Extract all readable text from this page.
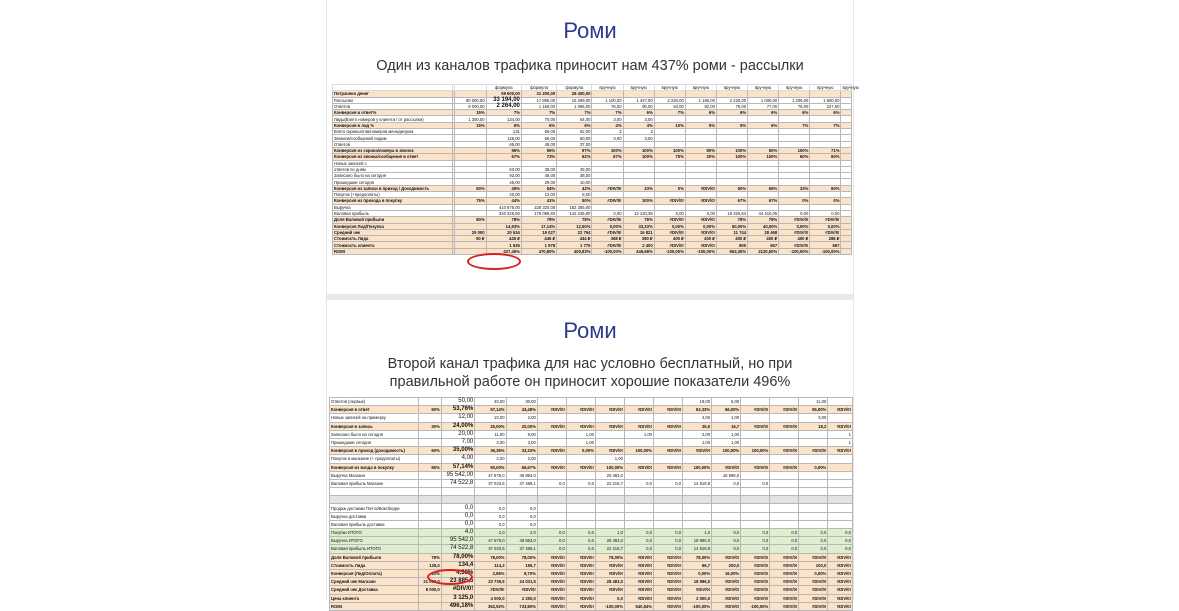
Роми
Один из каналов трафика приносит нам 437% роми - рассылки
			формула	формула	формула	вручную	вручную	вручную	вручную	вручную	вручную	вручную	вручную	вручную
Потрачено денег			59 600,00	31 200,00	28 400,00									
Рассылки		60 000,00	33 194,00	17 895,00	15 299,00	1 100,00	1 447,00	2 220,00	1 180,00	2 220,00	1 000,00	1 206,00	1 600,00	
Ответов		9 000,00	2 264,00	1 169,00	1 095,00	76,00	90,00	84,00	82,00	75,00	77,00	75,00	227,00	
Конверсия в ответ%		15%	7%	7%	7%	7%	6%	7%	6%	6%	6%	6%	6%	
Лиды(Взято номеров у клиента / от рассылки)		1 350,00	134,00	70,00	64,00	3,00	3,00							
Конверсия в лид %		15%	6%	6%	6%	4%	4%	10%	5%	5%	6%	7%	7%	
Взято скриншотов/номеров менеджером			131	69,00	62,00	3	3							
Звонков/сообщений лидам			126,00	66,00	60,00	3,00	3,00							
Ответов			65,00	48,00	37,00									
Конверсия из скрина/номера в звонок			96%	96%	97%	100%	100%	100%	80%	100%	50%	100%	71%	
Конверсия из звонка/сообщения в ответ			67%	73%	62%	67%	100%	75%	20%	100%	100%	60%	60%	
Новых записей с														
ответов по дням			63,00	38,00	25,00									
Записано было на сегодня			92,00	48,00	38,00									
Пришедшие сегодня			45,00	29,00	10,00									
Конверсия из записи в приход / Доходимость		60%	49%	54%	42%	#DIV/0!	33%	0%	#DIV/0!	60%	66%	33%	60%	
Покупок (+предоплаты)			20,00	12,00	8,00									
Конверсия из прихода в покупку		75%	44%	41%	50%	#DIV/0!	100%	#DIV/0!	#DIV/0!	67%	67%	0%	0%	
Выручка			410 675,00	228 320,00	182 355,00									
Валовая прибыль			320 326,50	178 089,60	142 236,90	0,00	13 120,38	0,00	0,00	18 320,64	44 410,05	0,00	0,00	
Доля Валовой прибыли		80%	78%	78%	78%	#DIV/0!	78%	#DIV/0!	#DIV/0!	78%	78%	#DIV/0!	#DIV/0!	
Конверсия Лид/Покупка			14,93%	17,14%	12,50%	0,00%	33,33%	0,00%	0,00%	50,00%	40,00%	0,00%	0,00%	
Средний чек		25 000	20 534	19 027	22 794	#DIV/0!	16 821	#DIV/0!	#DIV/0!	11 744	28 468	#DIV/0!	#DIV/0!	
Стоимость Лида		50 ₽	445 ₽	446 ₽	444 ₽	368 ₽	380 ₽	400 ₽	400 ₽	400 ₽	400 ₽	400 ₽	286 ₽	
Стоимость клиента			1 526	1 978	1 775	#DIV/0!	2 400	#DIV/0!	#DIV/0!	800	667	#DIV/0!	667	
ROMI			437,46%	470,80%	400,83%	-100,00%	446,68%	-100,00%	-100,00%	663,36%	2120,50%	-100,00%	-100,00%	
Роми
Второй канал трафика для нас условно бесплатный, но при
правильной работе он приносит хорошие показатели 496%
Ответов (первых)		50,00	40,00	30,00						19,00	6,00			11,00	
Конверсия в ответ	60%	53,76%	57,14%	43,48%	#DIV/0!	#DIV/0!	#DIV/0!	#DIV/0!	#DIV/0!	53,33%	66,00%	#DIV/0!	#DIV/0!	55,00%	#DIV/0!
Новых записей на примерку		12,00	10,00	2,00						4,00	1,00			3,00	
Конверсия в запись	30%	24,00%	25,00%	20,00%	#DIV/0!	#DIV/0!	#DIV/0!	#DIV/0!	#DIV/0!	25,0	16,7	#DIV/0!	#DIV/0!	18,2	#DIV/0!
Записано было на сегодня		20,00	11,00	9,00		1,00		1,00		2,00	1,00				1
Пришедшие сегодня		7,00	4,00	3,00		1,00				1,00	1,00				1
Конверсия в приход (доходимость)	60%	35,00%	36,36%	33,33%	#DIV/0!	0,00%	#DIV/0!	100,00%	#DIV/0!	#DIV/0!	100,00%	100,00%	#DIV/0!	#DIV/0!	#DIV/0!
Покупок в магазине (+ предоплаты)		4,00	2,00	2,00			1,00								
Конверсия из входа в покупку	65%	57,14%	50,00%	66,67%	#DIV/0!	#DIV/0!	100,00%	#DIV/0!	#DIV/0!	100,00%	#DIV/0!	#DIV/0!	#DIV/0!	0,00%	
Выручка Магазин		95 542,00	47 679,0	46 863,0			20 483,0				18 996,0				
Валовая прибыль Магазин		74 522,8	37 033,6	37 489,1	0,0	0,0	22 216,7	0,0	0,0	14 818,9	0,0	0,0			

Продаж доставки Почта/Боксберри		0,0	0,0	0,0											
Выручка доставки		0,0	0,0	0,0											
Валовая прибыль доставки		0,0	0,0	0,0											
Покупки ИТОГО		4,0	2,0	2,0	0,0	0,0	1,0	0,0	0,0	1,0	0,0	0,0	0,0	0,0	0,0
Выручка ИТОГО		95 542,0	47 679,0	48 863,0	0,0	0,0	28 483,0	0,0	0,0	18 996,0	0,0	0,0	0,0	0,0	0,0
Валовая прибыль ИТОГО		74 522,8	37 033,6	37 489,1	0,0	0,0	22 216,7	0,0	0,0	14 818,9	0,0	0,0	0,0	0,0	0,0
Доля Валовой прибыли	78%	78,00%	78,00%	78,00%	#DIV/0!	#DIV/0!	78,00%	#DIV/0!	#DIV/0!	78,00%	#DIV/0!	#DIV/0!	#DIV/0!	#DIV/0!	#DIV/0!
Стоимость Лида	125,0	134,4	114,3	195,7	#DIV/0!	#DIV/0!	#DIV/0!	#DIV/0!	#DIV/0!	66,7	200,0	#DIV/0!	#DIV/0!	100,0	#DIV/0!
Конверсия (Лид/Оплата)	10%	4,30%	2,86%	8,70%	#DIV/0!	#DIV/0!	#DIV/0!	#DIV/0!	#DIV/0!	0,00%	16,00%	#DIV/0!	#DIV/0!	0,00%	#DIV/0!
Средний чек Магазин	21 000,0	23 885,5	23 739,5	24 031,5	#DIV/0!	#DIV/0!	28 483,0	#DIV/0!	#DIV/0!	18 996,0	#DIV/0!	#DIV/0!	#DIV/0!	#DIV/0!	#DIV/0!
Средний чек Доставка	8 000,0	#DIV/0!	#DIV/0!	#DIV/0!	#DIV/0!	#DIV/0!	#DIV/0!	#DIV/0!	#DIV/0!	#DIV/0!	#DIV/0!	#DIV/0!	#DIV/0!	#DIV/0!	#DIV/0!
Цена клиента		3 125,0	4 000,0	2 250,0	#DIV/0!	#DIV/0!	0,0	#DIV/0!	#DIV/0!	2 000,0	#DIV/0!	#DIV/0!	#DIV/0!	#DIV/0!	#DIV/0!
ROMI		496,18%	362,92%	733,80%	#DIV/0!	#DIV/0!	-100,00%	640,84%	#DIV/0!	-100,00%	#DIV/0!	-100,00%	#DIV/0!	#DIV/0!	#DIV/0!
